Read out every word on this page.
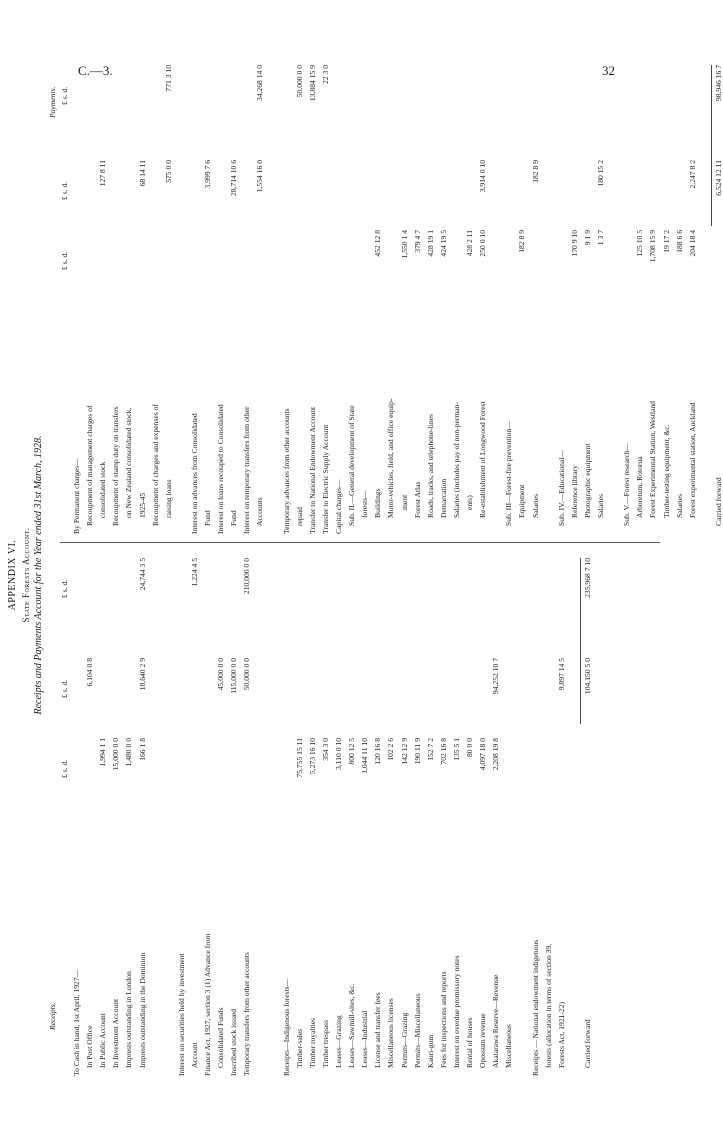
C.—3.	32
APPENDIX VI. State Forests Account. Receipts and Payments Account for the Year ended 31st March, 1928.
Receipts.
Payments.
To Cash in hand, 1st April, 1927— In Post Office
6,104 0 8
In Public Account
1,994 1 1
In Investment Account
15,000 0 0
Imprests outstanding in London
1,480 0 0
Imprests outstanding in the Dominion
166 1 8
18,640 2 9
24,744 3 5
Interest on securities held by investment Account
1,224 4 5
Finance Act, 1927, section 3 (1) Advance from Consolidated Funds
45,000 0 0
Inscribed stock issued
115,000 0 0
Temporary transfers from other accounts
50,000 0 0
210,000 0 0
Receipts—Indigenous forests— Timber-sales
75,755 15 11
Timber royalties
5,273 16 10
Timber trespass
354 3 0
Leases—Grazing
3,110 0 10
Leases—Sawmill-sites, &c.
800 12 5
Leases—Industrial
1,044 11 10
License and transfer fees
120 16 8
Miscellaneous licenses
102 2 6
Permits—Grazing
142 12 9
Permits—Miscellaneous
190 11 9
Kauri-gum
152 7 2
Fees for inspections and reports
702 16 8
Interest on overdue promissory notes
135 5 1
Rental of houses
80 0 0
Opossum revenue
4,097 18 0
Akatarawa Reserve—Revenue
2,208 19 8
94,252 10 7
Miscellaneous Receipts — National endowment indigenous forests (allocation in terms of section 39, Forests Act, 1921-22)
9,897 14 5
Carried forward
104,150 5 0
235,968 7 10
£ s. d.
£ s. d.
£ s. d.
By Permanent charges— Recoupment of management charges of consolidated stock
127 8 11
Recoupment of stamp duty on transfers on New Zealand consolidated stock, 1925-45
68 14 11
Recoupment of charges and expenses of raising loans
575 0 0
771 3 10
Interest on advances from Consolidated Fund
3,999 7 6
Interest on loans recouped to Consolidated Fund
28,714 10 6
Interest on temporary transfers from other Accounts
1,554 16 0
34,268 14 0
Temporary advances from other accounts repaid
50,000 0 0
Transfer to National Endowment Account
13,884 15 9
Transfer to Electric Supply Account
22 3 0
Capital charges— Sub. II.—General development of State forests— Buildings
452 12 8
Motor-vehicles, field, and office equip- ment
1,550 1 4
Forest Atlas
379 4 7
Roads, tracks, and telephone-lines
428 19 1
Demarcation
424 19 5
Salaries (includes pay of non-perman- ents)
428 2 11
Re-establishment of Longwood Forest
250 0 10
3,914 0 10
Sub. III—Forest-fire prevention— Equipment
182 8 9
Salaries
182 8 9
Sub. IV.—Educational— Reference library
170 9 10
Photographic equipment
9 1 9
Salaries
1 3 7
180 15 2
Sub. V.—Forest research— Arboretum, Rotorua
125 10 5
Forest Experimental Station, Westland
1,708 15 9
Timber-testing equipment, &c.
19 17 2
Salaries
188 6 6
Forest experimental station, Auckland
204 18 4
2,247 8 2
Carried forward
6,524 12 11
98,946 16 7
£ s. d.
£ s. d.
£ s. d.
